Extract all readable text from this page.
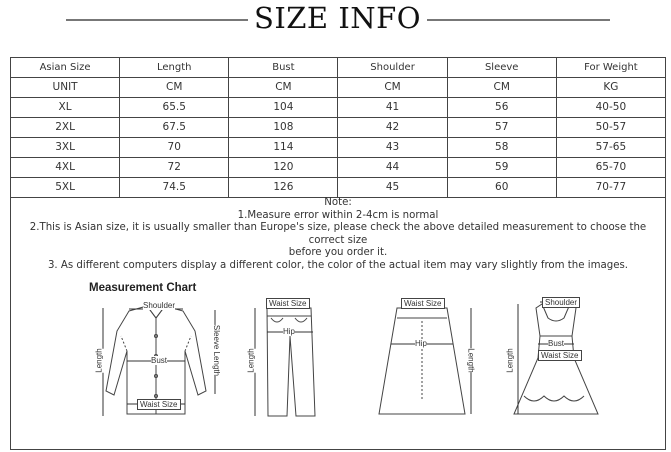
SIZE INFO
Asian Size	Length	Bust	Shoulder	Sleeve	For Weight
UNIT	CM	CM	CM	CM	KG
XL	65.5	104	41	56	40-50
2XL	67.5	108	42	57	50-57
3XL	70	114	43	58	57-65
4XL	72	120	44	59	65-70
5XL	74.5	126	45	60	70-77
Note:
1.Measure error within 2-4cm is normal
2.This is Asian size, it is usually smaller than Europe's size, please check the above detailed measurement to choose the correct size
before you order it.
3. As different computers display a different color, the color of the actual item may vary slightly from the images.
Measurement Chart
Shoulder
Bust
Waist Size
Length	Sleeve Length
Waist Size
Hip
Length
Waist Size
Hip
Length
Shoulder
Bust
Waist Size
Length
